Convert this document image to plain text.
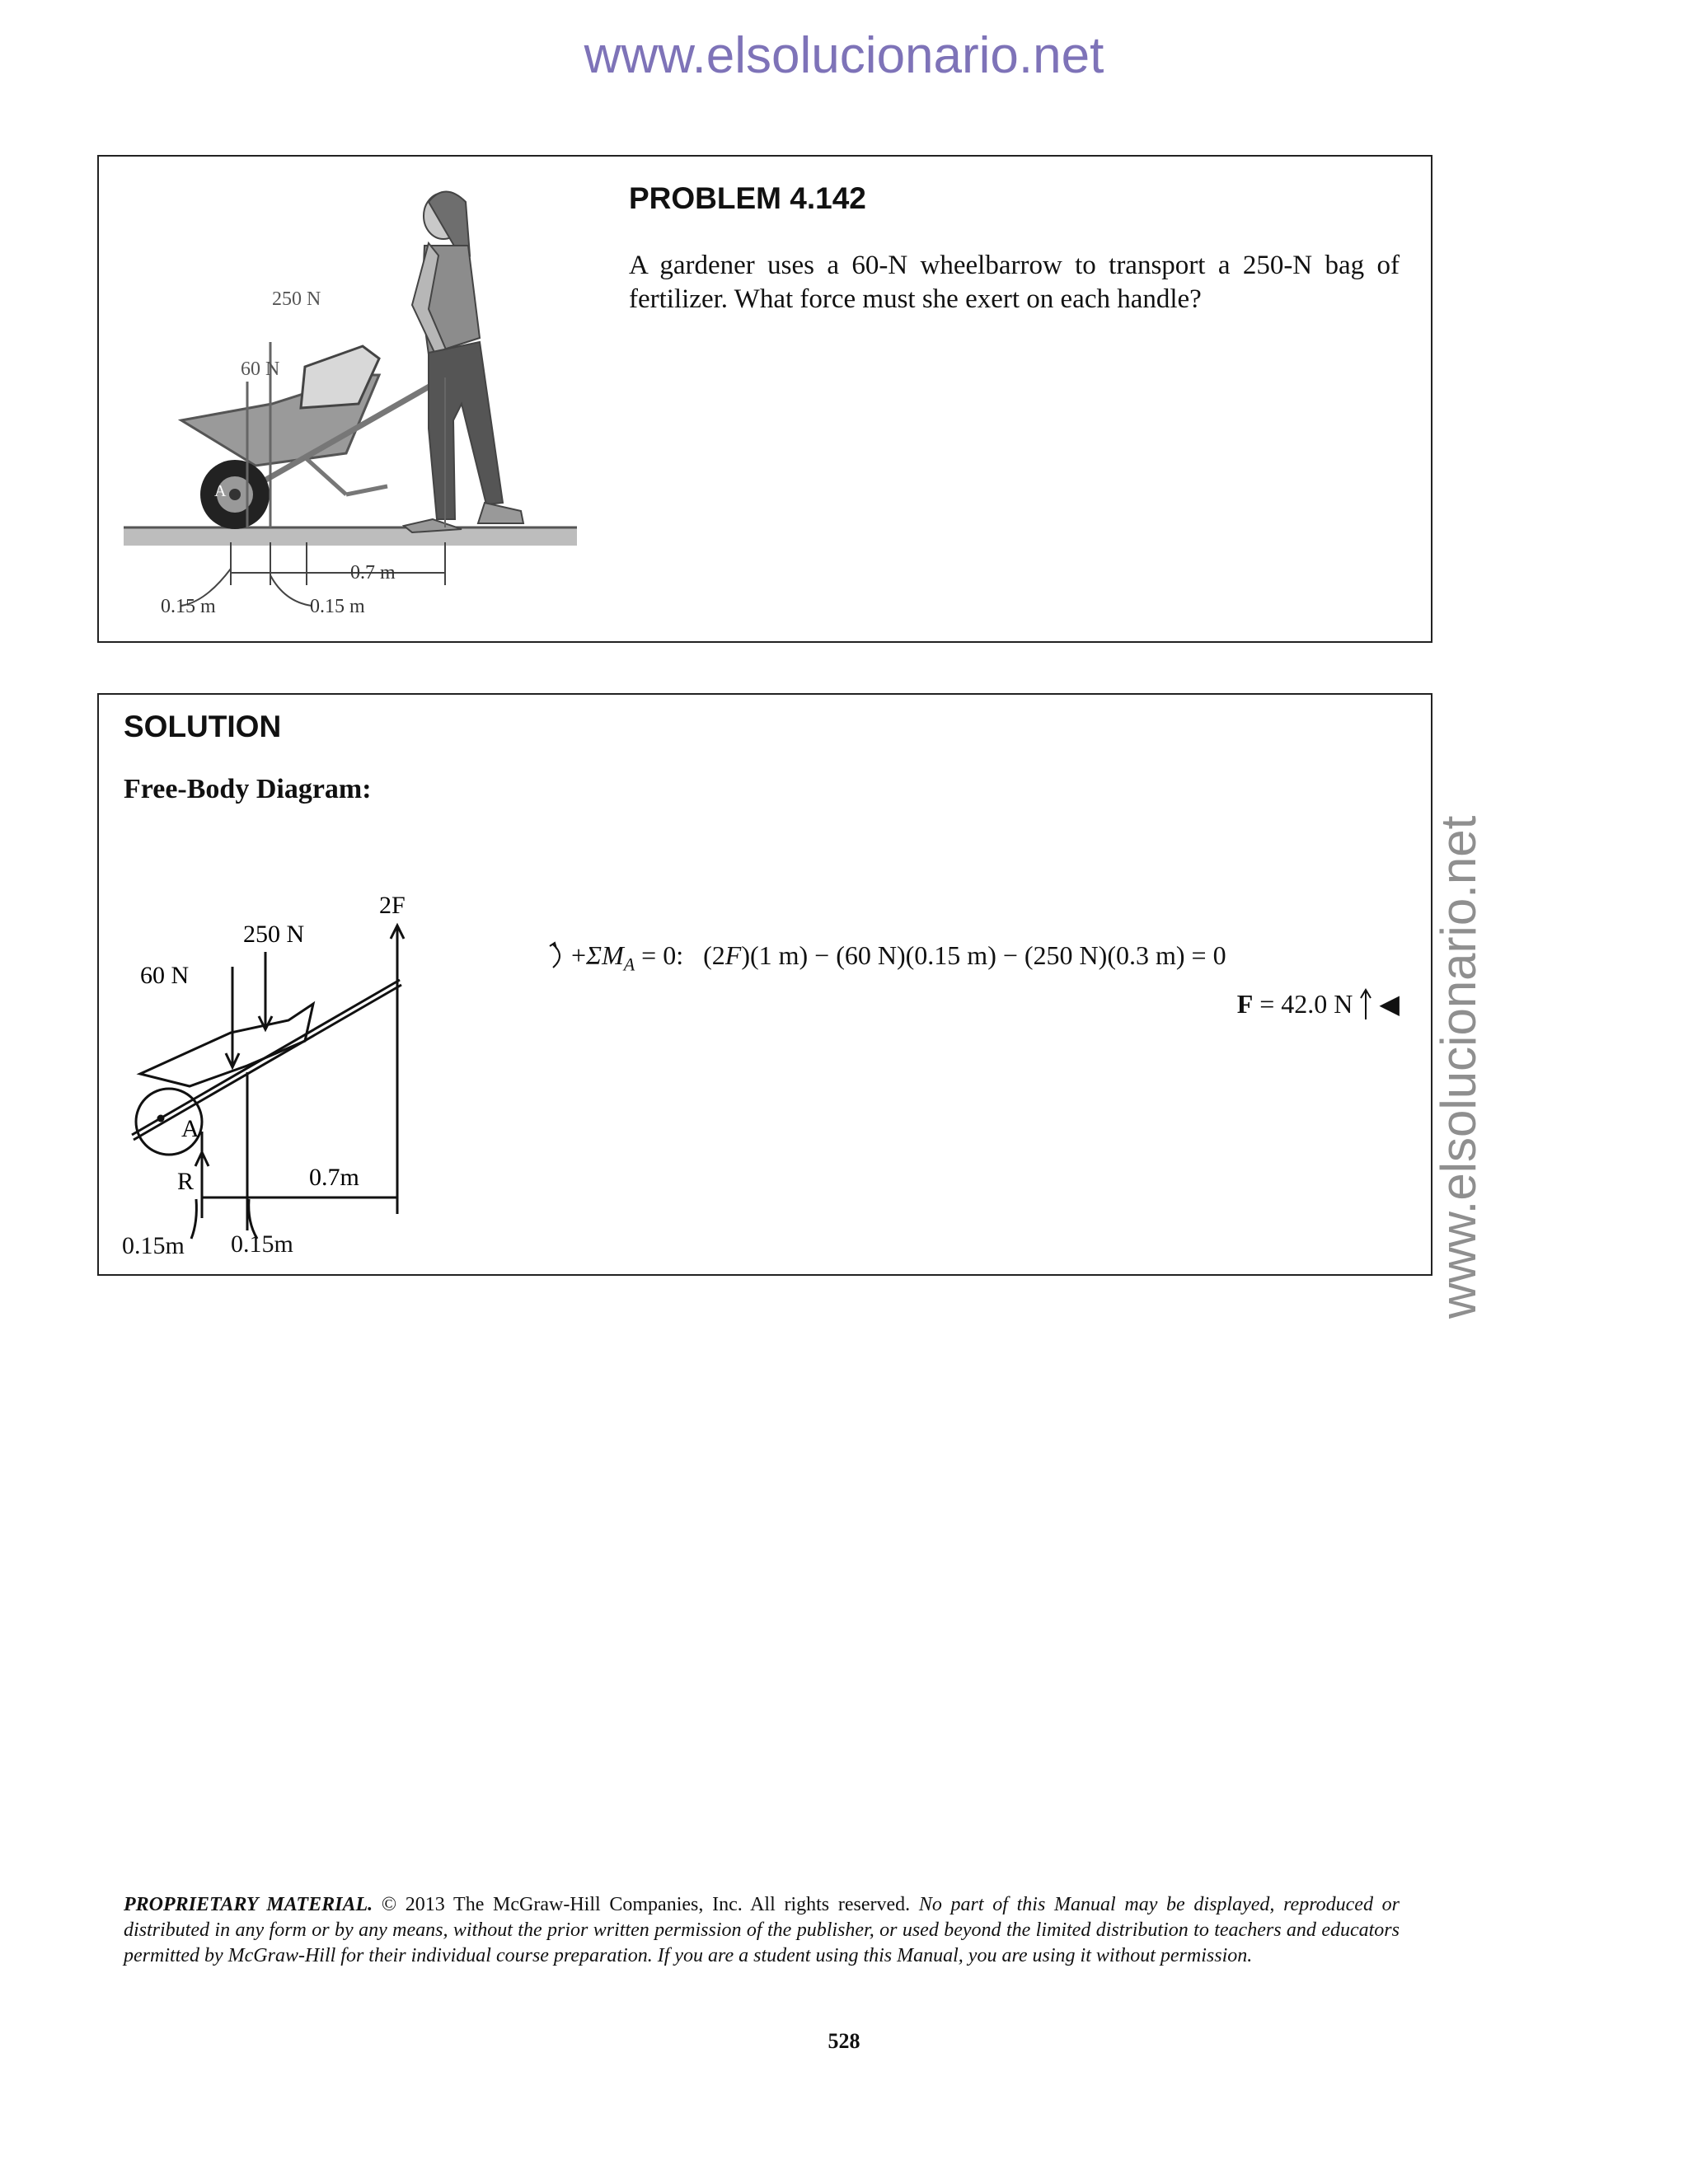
www.elsolucionario.net
www.elsolucionario.net
250 N
60 N
A
0.7 m
0.15 m	0.15 m
PROBLEM 4.142
A gardener uses a 60-N wheelbarrow to transport a 250-N bag of fertilizer. What force must she exert on each handle?
SOLUTION
Free-Body Diagram:
2F
250 N
60 N
A
R	0.7m
0.15m 0.15m
$+\Sigma M_A = 0$:   (2F)(1 m) − (60 N)(0.15 m) − (250 N)(0.3 m) = 0
F = 42.0 N ◀
PROPRIETARY MATERIAL. © 2013 The McGraw-Hill Companies, Inc. All rights reserved. No part of this Manual may be displayed, reproduced or distributed in any form or by any means, without the prior written permission of the publisher, or used beyond the limited distribution to teachers and educators permitted by McGraw-Hill for their individual course preparation. If you are a student using this Manual, you are using it without permission.
528
